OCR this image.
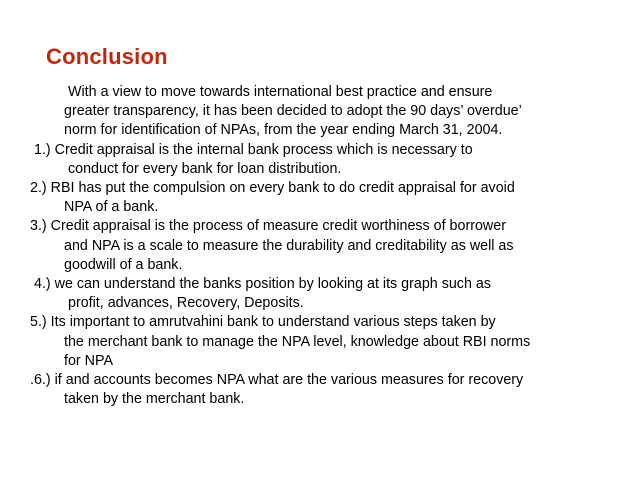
Conclusion
With a view to move towards international best practice and ensure
greater transparency, it has been decided to adopt the 90 days’ overdue’
norm for identification of NPAs, from the year ending March 31, 2004.
1.) Credit appraisal is the internal bank process which is necessary to
conduct for every bank for loan distribution.
2.) RBI has put the compulsion on every bank to do credit appraisal for avoid
NPA of a bank.
3.) Credit appraisal is the process of measure credit worthiness of borrower
and NPA is a scale to measure the durability and creditability as well as
goodwill of a bank.
4.) we can understand the banks position by looking at its graph such as
profit, advances, Recovery, Deposits.
5.) Its important to amrutvahini bank to understand various steps taken by
the merchant bank to manage the NPA level, knowledge about RBI norms
for NPA
.6.) if and accounts becomes NPA what are the various measures for recovery
taken by the merchant bank.
